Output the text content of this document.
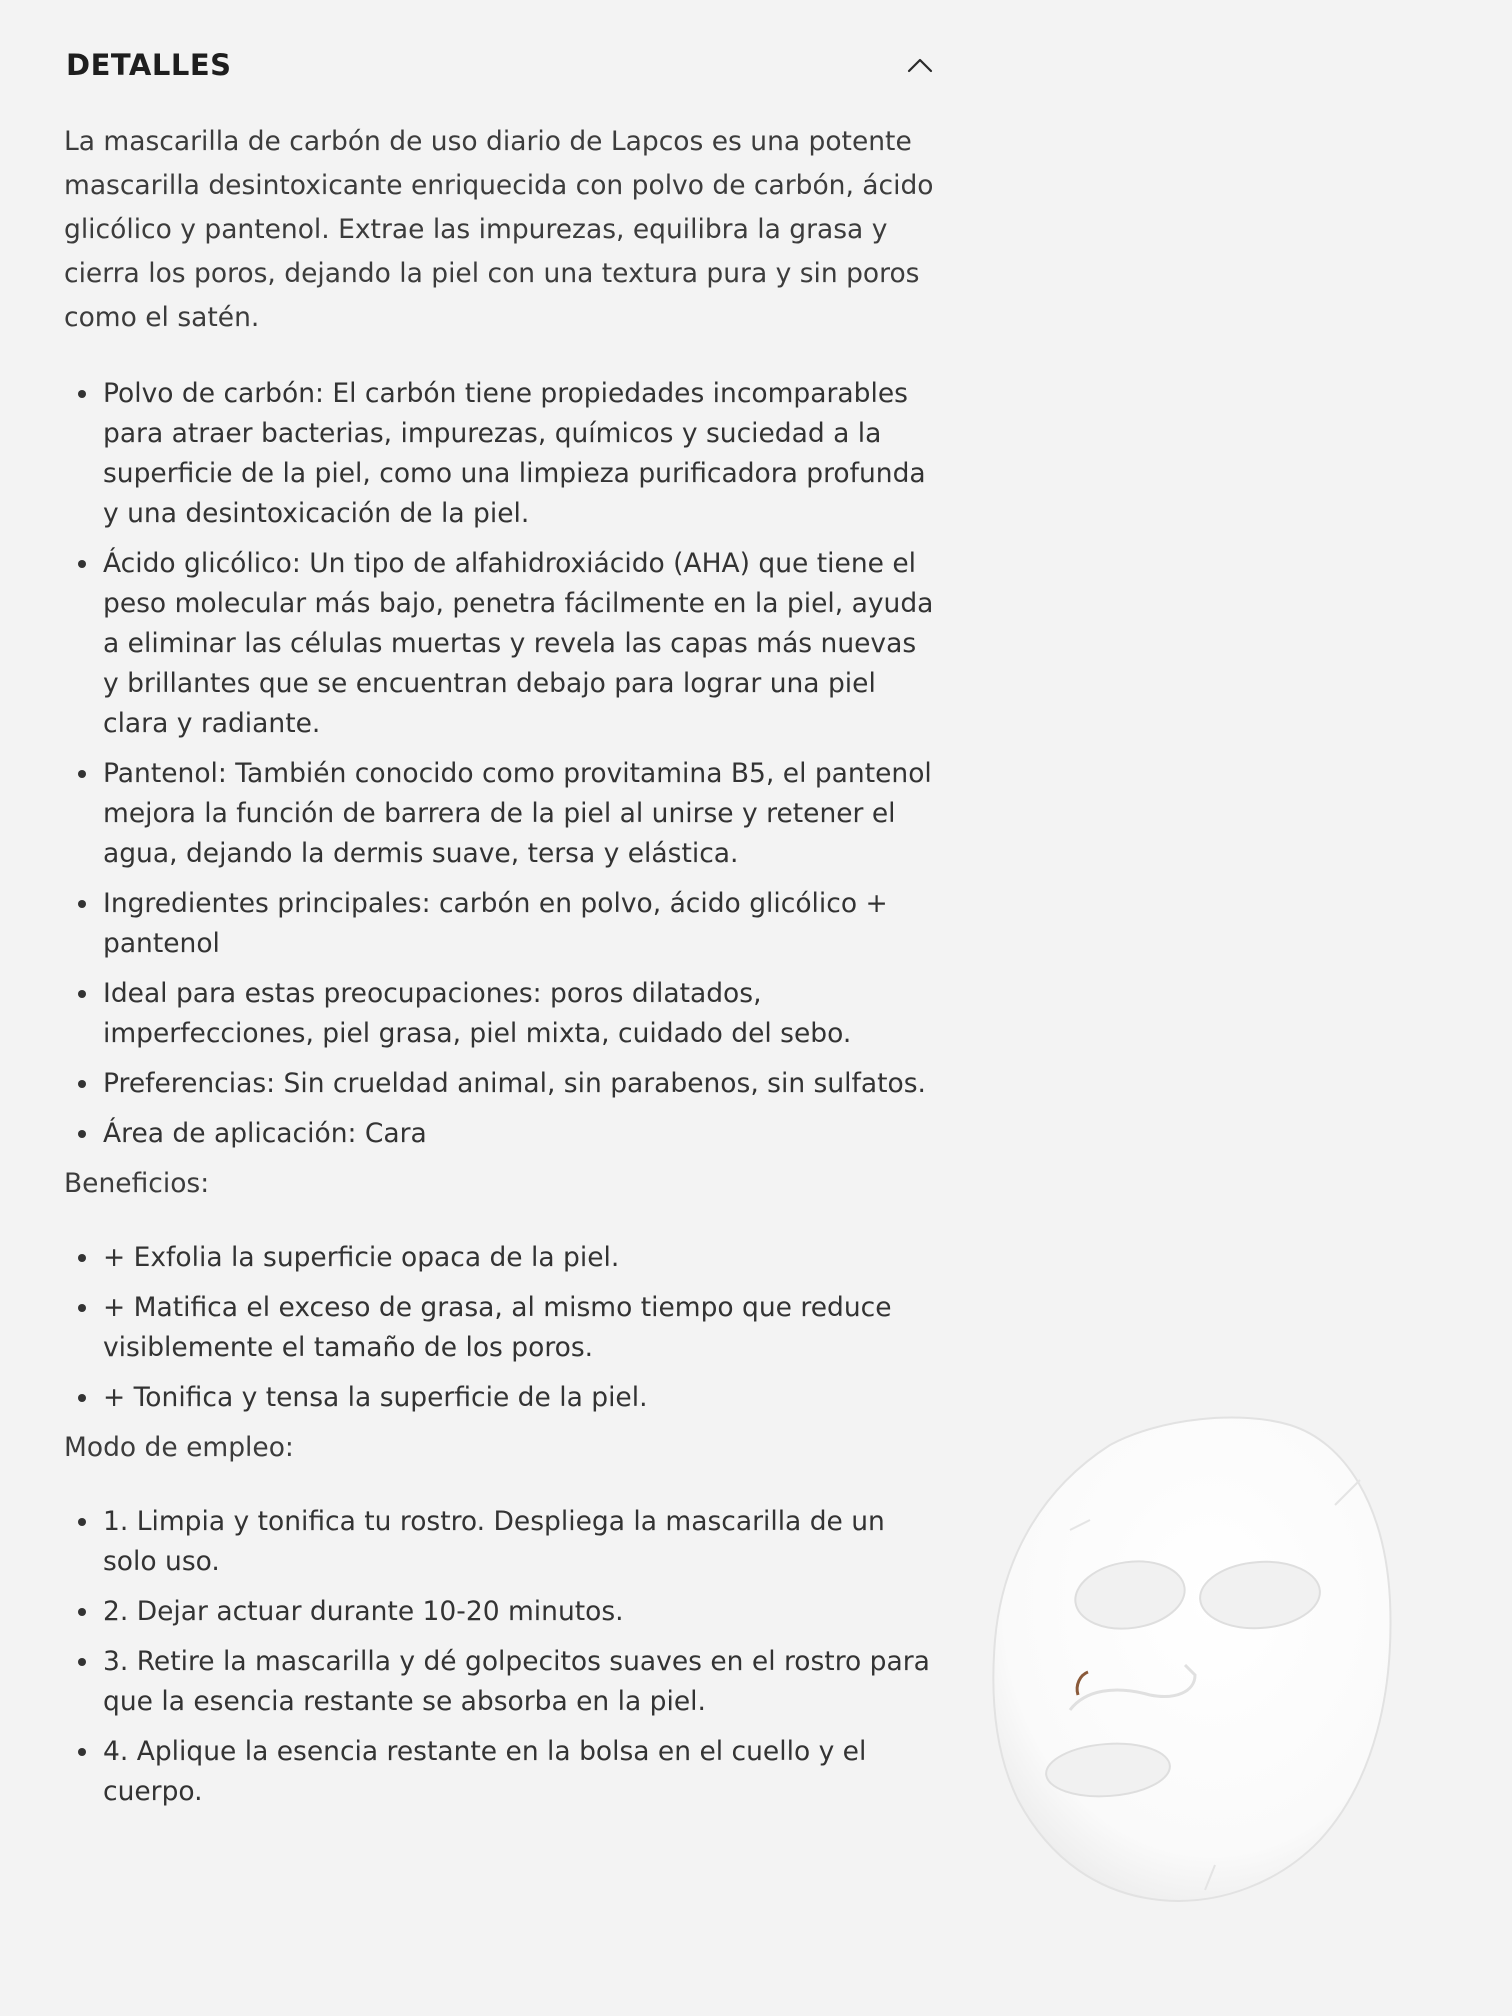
DETALLES

La mascarilla de carbón de uso diario de Lapcos es una potente mascarilla desintoxicante enriquecida con polvo de carbón, ácido glicólico y pantenol. Extrae las impurezas, equilibra la grasa y cierra los poros, dejando la piel con una textura pura y sin poros como el satén.

• Polvo de carbón: El carbón tiene propiedades incomparables para atraer bacterias, impurezas, químicos y suciedad a la superficie de la piel, como una limpieza purificadora profunda y una desintoxicación de la piel.
• Ácido glicólico: Un tipo de alfahidroxiácido (AHA) que tiene el peso molecular más bajo, penetra fácilmente en la piel, ayuda a eliminar las células muertas y revela las capas más nuevas y brillantes que se encuentran debajo para lograr una piel clara y radiante.
• Pantenol: También conocido como provitamina B5, el pantenol mejora la función de barrera de la piel al unirse y retener el agua, dejando la dermis suave, tersa y elástica.
• Ingredientes principales: carbón en polvo, ácido glicólico + pantenol
• Ideal para estas preocupaciones: poros dilatados, imperfecciones, piel grasa, piel mixta, cuidado del sebo.
• Preferencias: Sin crueldad animal, sin parabenos, sin sulfatos.
• Área de aplicación: Cara

Beneficios:

• + Exfolia la superficie opaca de la piel.
• + Matifica el exceso de grasa, al mismo tiempo que reduce visiblemente el tamaño de los poros.
• + Tonifica y tensa la superficie de la piel.

Modo de empleo:

• 1. Limpia y tonifica tu rostro. Despliega la mascarilla de un solo uso.
• 2. Dejar actuar durante 10-20 minutos.
• 3. Retire la mascarilla y dé golpecitos suaves en el rostro para que la esencia restante se absorba en la piel.
• 4. Aplique la esencia restante en la bolsa en el cuello y el cuerpo.
